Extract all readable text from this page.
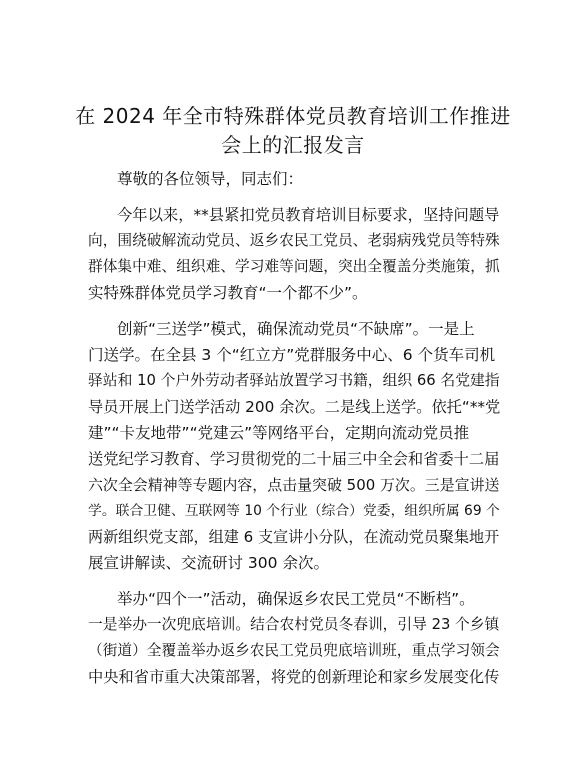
在 2024 年全市特殊群体党员教育培训工作推进
会上的汇报发言
尊敬的各位领导，同志们：
今年以来，**县紧扣党员教育培训目标要求，坚持问题导
向，围绕破解流动党员、返乡农民工党员、老弱病残党员等特殊
群体集中难、组织难、学习难等问题，突出全覆盖分类施策，抓
实特殊群体党员学习教育“一个都不少”。
创新“三送学”模式，确保流动党员“不缺席”。一是上
门送学。在全县 3 个“红立方”党群服务中心、6 个货车司机
驿站和 10 个户外劳动者驿站放置学习书籍，组织 66 名党建指
导员开展上门送学活动 200 余次。二是线上送学。依托“**党
建”“卡友地带”“党建云”等网络平台，定期向流动党员推
送党纪学习教育、学习贯彻党的二十届三中全会和省委十二届
六次全会精神等专题内容，点击量突破 500 万次。三是宣讲送
学。联合卫健、互联网等 10 个行业（综合）党委，组织所属 69 个
两新组织党支部，组建 6 支宣讲小分队，在流动党员聚集地开
展宣讲解读、交流研讨 300 余次。
举办“四个一”活动，确保返乡农民工党员“不断档”。
一是举办一次兜底培训。结合农村党员冬春训，引导 23 个乡镇
（街道）全覆盖举办返乡农民工党员兜底培训班，重点学习领会
中央和省市重大决策部署，将党的创新理论和家乡发展变化传
